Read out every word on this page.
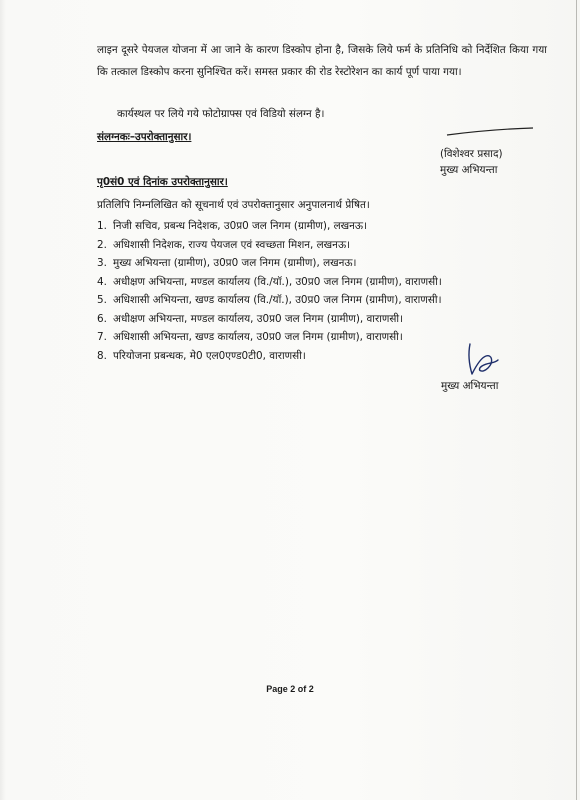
लाइन दूसरे पेयजल योजना में आ जाने के कारण डिस्कोप होना है, जिसके लिये फर्म के प्रतिनिधि को निर्देशित किया गया कि तत्काल डिस्कोप करना सुनिश्चित करें। समस्त प्रकार की रोड रेस्टोरेशन का कार्य पूर्ण पाया गया।

कार्यस्थल पर लिये गये फोटोग्राफ्स एवं विडियो संलग्न है।
संलग्नकः–उपरोक्तानुसार।
(विशेश्वर प्रसाद)
मुख्य अभियन्ता
पृ0सं0 एवं दिनांक उपरोक्तानुसार।
प्रतिलिपि निम्नलिखित को सूचनार्थ एवं उपरोक्तानुसार अनुपालनार्थ प्रेषित।
1. निजी सचिव, प्रबन्ध निदेशक, उ0प्र0 जल निगम (ग्रामीण), लखनऊ।
2. अधिशासी निदेशक, राज्य पेयजल एवं स्वच्छता मिशन, लखनऊ।
3. मुख्य अभियन्ता (ग्रामीण), उ0प्र0 जल निगम (ग्रामीण), लखनऊ।
4. अधीक्षण अभियन्ता, मण्डल कार्यालय (वि./यॉ.), उ0प्र0 जल निगम (ग्रामीण), वाराणसी।
5. अधिशासी अभियन्ता, खण्ड कार्यालय (वि./यॉ.), उ0प्र0 जल निगम (ग्रामीण), वाराणसी।
6. अधीक्षण अभियन्ता, मण्डल कार्यालय, उ0प्र0 जल निगम (ग्रामीण), वाराणसी।
7. अधिशासी अभियन्ता, खण्ड कार्यालय, उ0प्र0 जल निगम (ग्रामीण), वाराणसी।
8. परियोजना प्रबन्धक, मे0 एल0एण्ड0टी0, वाराणसी।
मुख्य अभियन्ता
Page 2 of 2
